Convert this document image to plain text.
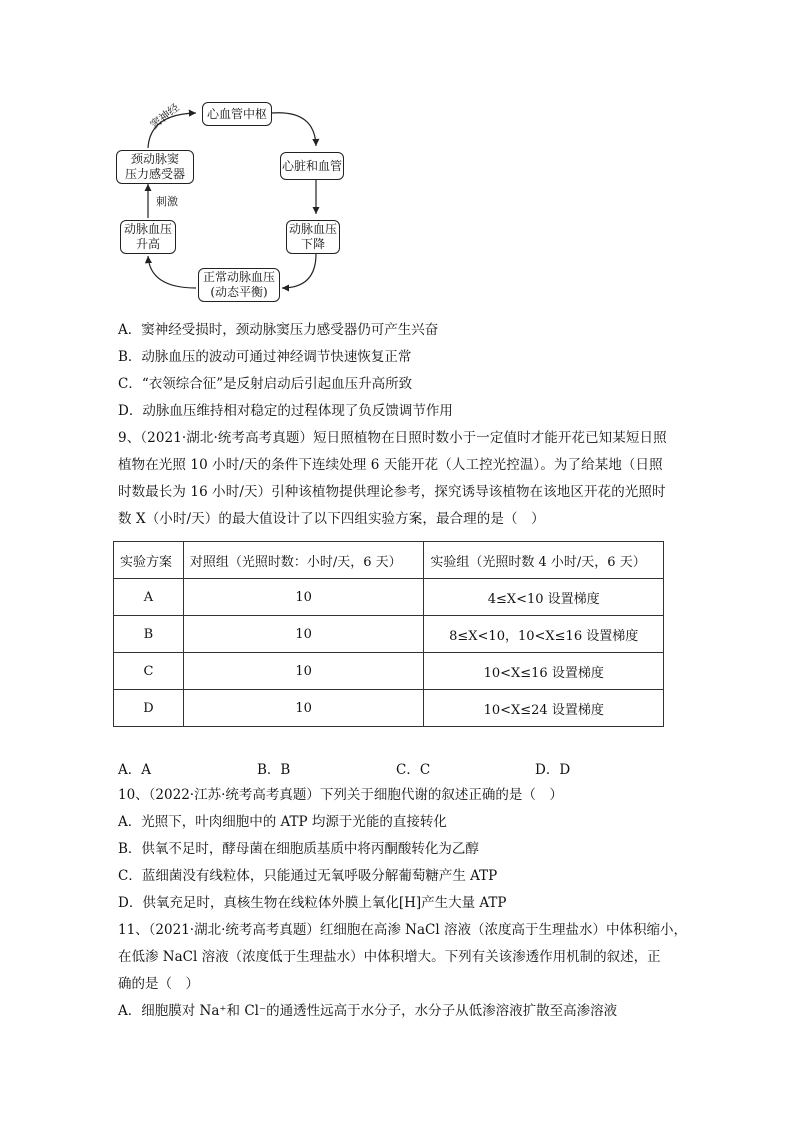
心血管中枢
心脏和血管
动脉血压
下降
正常动脉血压
(动态平衡)
动脉血压
升高
颈动脉窦
压力感受器
窦神经
刺激
A．窦神经受损时，颈动脉窦压力感受器仍可产生兴奋
B．动脉血压的波动可通过神经调节快速恢复正常
C．“衣领综合征”是反射启动后引起血压升高所致
D．动脉血压维持相对稳定的过程体现了负反馈调节作用
9、（2021·湖北·统考高考真题）短日照植物在日照时数小于一定值时才能开花已知某短日照
植物在光照 10 小时/天的条件下连续处理 6 天能开花（人工控光控温）。为了给某地（日照
时数最长为 16 小时/天）引种该植物提供理论参考，探究诱导该植物在该地区开花的光照时
数 X（小时/天）的最大值设计了以下四组实验方案，最合理的是（　）
实验方案	对照组（光照时数：小时/天，6 天）	实验组（光照时数 4 小时/天，6 天）
A	10	4≤X<10 设置梯度
B	10	8≤X<10，10<X≤16 设置梯度
C	10	10<X≤16 设置梯度
D	10	10<X≤24 设置梯度
A．A	B．B	C．C	D．D
10、（2022·江苏·统考高考真题）下列关于细胞代谢的叙述正确的是（　）
A．光照下，叶肉细胞中的 ATP 均源于光能的直接转化
B．供氧不足时，酵母菌在细胞质基质中将丙酮酸转化为乙醇
C．蓝细菌没有线粒体，只能通过无氧呼吸分解葡萄糖产生 ATP
D．供氧充足时，真核生物在线粒体外膜上氧化[H]产生大量 ATP
11、（2021·湖北·统考高考真题）红细胞在高渗 NaCl 溶液（浓度高于生理盐水）中体积缩小，
在低渗 NaCl 溶液（浓度低于生理盐水）中体积增大。下列有关该渗透作用机制的叙述，正
确的是（　）
A．细胞膜对 Na⁺和 Cl⁻的通透性远高于水分子，水分子从低渗溶液扩散至高渗溶液
